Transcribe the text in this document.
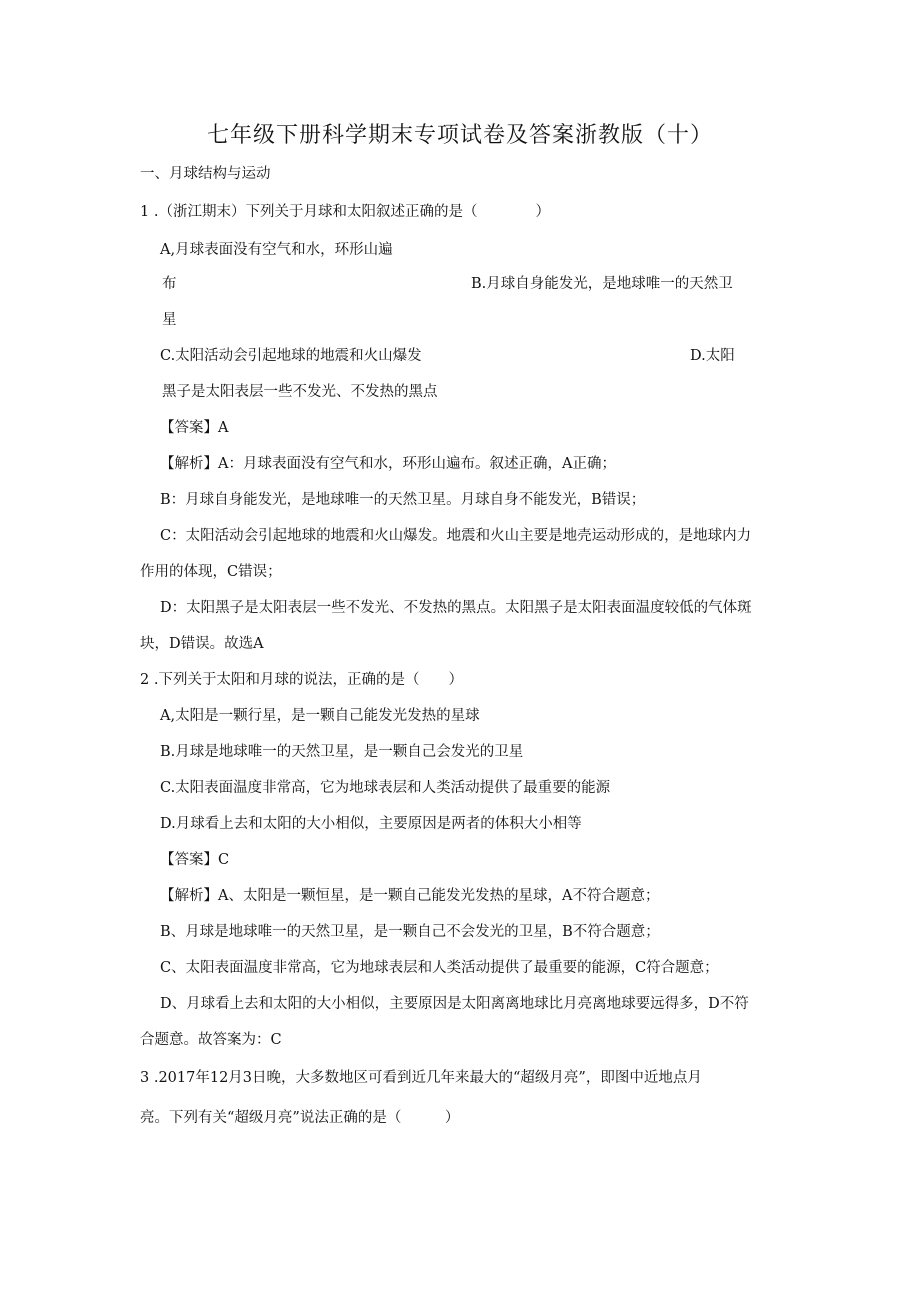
七年级下册科学期末专项试卷及答案浙教版（十）
一、月球结构与运动
1 .（浙江期末）下列关于月球和太阳叙述正确的是（　　　　）
A,月球表面没有空气和水，环形山遍
布	B.月球自身能发光，是地球唯一的天然卫
星
C.太阳活动会引起地球的地震和火山爆发	D.太阳
黑子是太阳表层一些不发光、不发热的黑点
【答案】A
【解析】A：月球表面没有空气和水，环形山遍布。叙述正确，A正确；
B：月球自身能发光，是地球唯一的天然卫星。月球自身不能发光，B错误；
C：太阳活动会引起地球的地震和火山爆发。地震和火山主要是地壳运动形成的，是地球内力
作用的体现，C错误；
D：太阳黑子是太阳表层一些不发光、不发热的黑点。太阳黑子是太阳表面温度较低的气体斑
块，D错误。故选A
2 .下列关于太阳和月球的说法，正确的是（　　）
A,太阳是一颗行星，是一颗自己能发光发热的星球
B.月球是地球唯一的天然卫星，是一颗自己会发光的卫星
C.太阳表面温度非常高，它为地球表层和人类活动提供了最重要的能源
D.月球看上去和太阳的大小相似，主要原因是两者的体积大小相等
【答案】C
【解析】A、太阳是一颗恒星，是一颗自己能发光发热的星球，A不符合题意；
B、月球是地球唯一的天然卫星，是一颗自己不会发光的卫星，B不符合题意；
C、太阳表面温度非常高，它为地球表层和人类活动提供了最重要的能源，C符合题意；
D、月球看上去和太阳的大小相似，主要原因是太阳离离地球比月亮离地球要远得多，D不符
合题意。故答案为：C
3 .2017年12月3日晚，大多数地区可看到近几年来最大的“超级月亮”，即图中近地点月
亮。下列有关“超级月亮”说法正确的是（　　　）
